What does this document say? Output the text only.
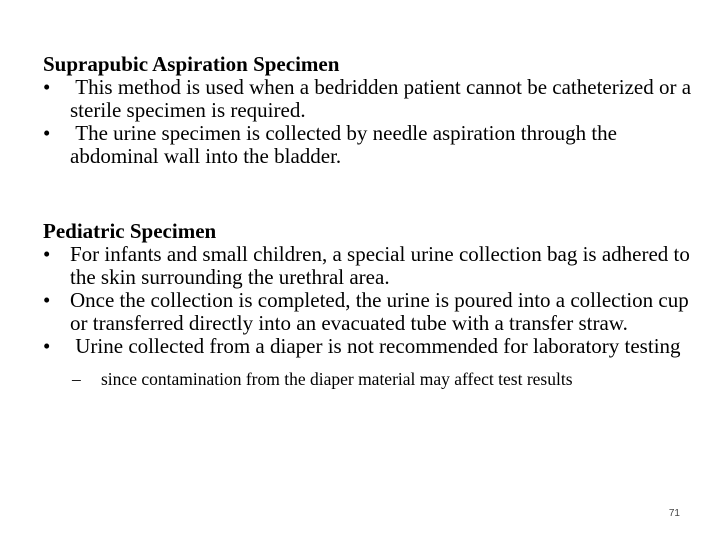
Suprapubic Aspiration Specimen

• This method is used when a bedridden patient cannot be catheterized or a sterile specimen is required.
• The urine specimen is collected by needle aspiration through the abdominal wall into the bladder.

Pediatric Specimen

• For infants and small children, a special urine collection bag is adhered to the skin surrounding the urethral area.
• Once the collection is completed, the urine is poured into a collection cup or transferred directly into an evacuated tube with a transfer straw.
• Urine collected from a diaper is not recommended for laboratory testing
– since contamination from the diaper material may affect test results
71
